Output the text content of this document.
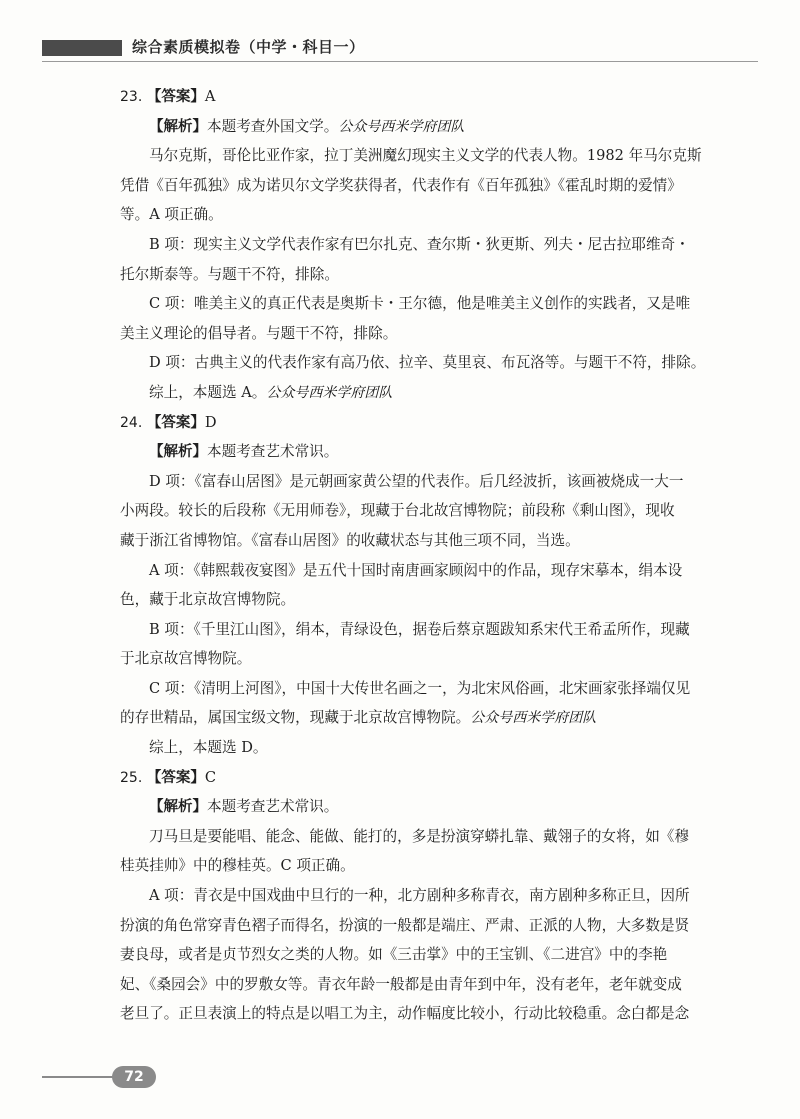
综合素质模拟卷（中学・科目一）
23. 【答案】A
【解析】本题考查外国文学。公众号西米学府团队
马尔克斯，哥伦比亚作家，拉丁美洲魔幻现实主义文学的代表人物。1982 年马尔克斯
凭借《百年孤独》成为诺贝尔文学奖获得者，代表作有《百年孤独》《霍乱时期的爱情》
等。A 项正确。
B 项：现实主义文学代表作家有巴尔扎克、查尔斯・狄更斯、列夫・尼古拉耶维奇・
托尔斯泰等。与题干不符，排除。
C 项：唯美主义的真正代表是奥斯卡・王尔德，他是唯美主义创作的实践者，又是唯
美主义理论的倡导者。与题干不符，排除。
D 项：古典主义的代表作家有高乃依、拉辛、莫里哀、布瓦洛等。与题干不符，排除。
综上，本题选 A。公众号西米学府团队
24. 【答案】D
【解析】本题考查艺术常识。
D 项：《富春山居图》是元朝画家黄公望的代表作。后几经波折，该画被烧成一大一
小两段。较长的后段称《无用师卷》，现藏于台北故宫博物院；前段称《剩山图》，现收
藏于浙江省博物馆。《富春山居图》的收藏状态与其他三项不同，当选。
A 项：《韩熙载夜宴图》是五代十国时南唐画家顾闳中的作品，现存宋摹本，绢本设
色，藏于北京故宫博物院。
B 项：《千里江山图》，绢本，青绿设色，据卷后蔡京题跋知系宋代王希孟所作，现藏
于北京故宫博物院。
C 项：《清明上河图》，中国十大传世名画之一，为北宋风俗画，北宋画家张择端仅见
的存世精品，属国宝级文物，现藏于北京故宫博物院。公众号西米学府团队
综上，本题选 D。
25. 【答案】C
【解析】本题考查艺术常识。
刀马旦是要能唱、能念、能做、能打的，多是扮演穿蟒扎靠、戴翎子的女将，如《穆
桂英挂帅》中的穆桂英。C 项正确。
A 项：青衣是中国戏曲中旦行的一种，北方剧种多称青衣，南方剧种多称正旦，因所
扮演的角色常穿青色褶子而得名，扮演的一般都是端庄、严肃、正派的人物，大多数是贤
妻良母，或者是贞节烈女之类的人物。如《三击掌》中的王宝钏、《二进宫》中的李艳
妃、《桑园会》中的罗敷女等。青衣年龄一般都是由青年到中年，没有老年，老年就变成
老旦了。正旦表演上的特点是以唱工为主，动作幅度比较小，行动比较稳重。念白都是念
72
